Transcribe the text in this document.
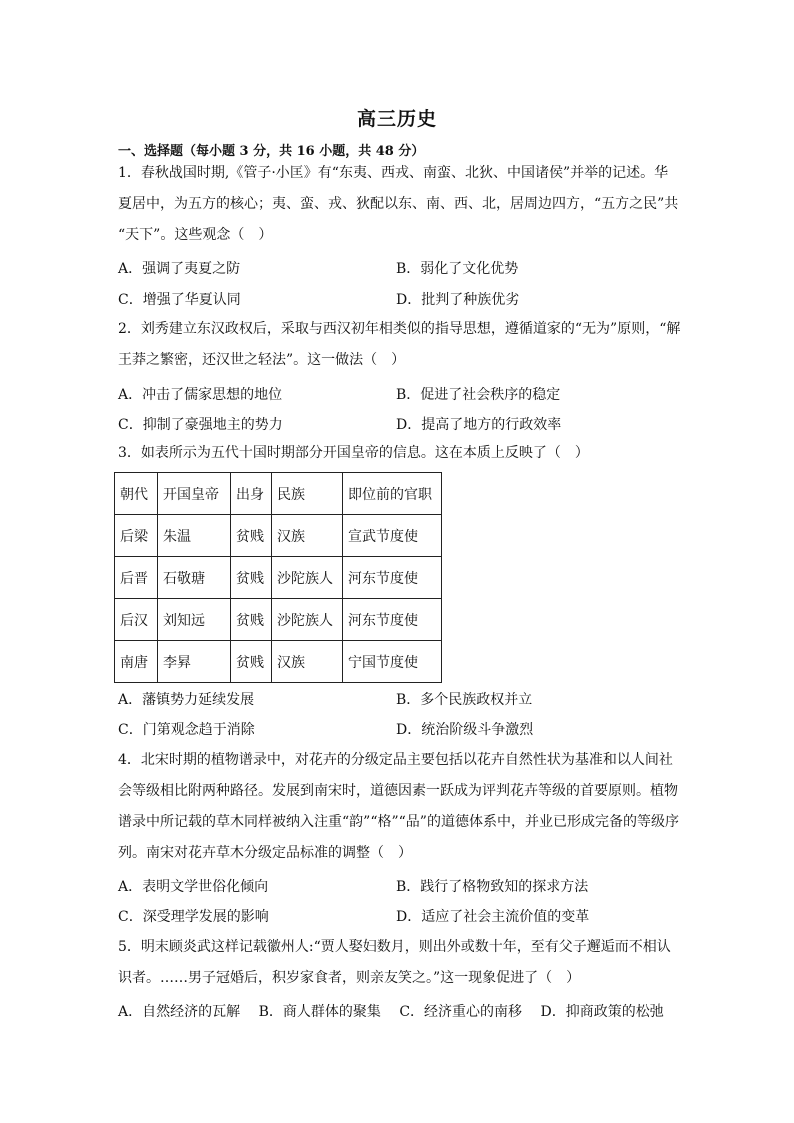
高三历史
一、选择题（每小题 3 分，共 16 小题，共 48 分）
1．春秋战国时期,《管子·小匡》有“东夷、西戎、南蛮、北狄、中国诸侯”并举的记述。华
夏居中，为五方的核心；夷、蛮、戎、狄配以东、南、西、北，居周边四方，“五方之民”共
“天下”。这些观念（　）
A．强调了夷夏之防	B．弱化了文化优势
C．增强了华夏认同	D．批判了种族优劣
2．刘秀建立东汉政权后，采取与西汉初年相类似的指导思想，遵循道家的“无为”原则，“解
王莽之繁密，还汉世之轻法”。这一做法（　）
A．冲击了儒家思想的地位	B．促进了社会秩序的稳定
C．抑制了豪强地主的势力	D．提高了地方的行政效率
3．如表所示为五代十国时期部分开国皇帝的信息。这在本质上反映了（　）
朝代	开国皇帝	出身	民族	即位前的官职
后梁	朱温	贫贱	汉族	宣武节度使
后晋	石敬瑭	贫贱	沙陀族人	河东节度使
后汉	刘知远	贫贱	沙陀族人	河东节度使
南唐	李昪	贫贱	汉族	宁国节度使
A．藩镇势力延续发展	B．多个民族政权并立
C．门第观念趋于消除	D．统治阶级斗争激烈
4．北宋时期的植物谱录中，对花卉的分级定品主要包括以花卉自然性状为基准和以人间社
会等级相比附两种路径。发展到南宋时，道德因素一跃成为评判花卉等级的首要原则。植物
谱录中所记载的草木同样被纳入注重“韵”“格”“品”的道德体系中，并业已形成完备的等级序
列。南宋对花卉草木分级定品标准的调整（　）
A．表明文学世俗化倾向	B．践行了格物致知的探求方法
C．深受理学发展的影响	D．适应了社会主流价值的变革
5．明末顾炎武这样记载徽州人:“贾人娶妇数月，则出外或数十年，至有父子邂逅而不相认
识者。……男子冠婚后，积岁家食者，则亲友笑之。”这一现象促进了（　）
A．自然经济的瓦解 B．商人群体的聚集 C．经济重心的南移 D．抑商政策的松弛
